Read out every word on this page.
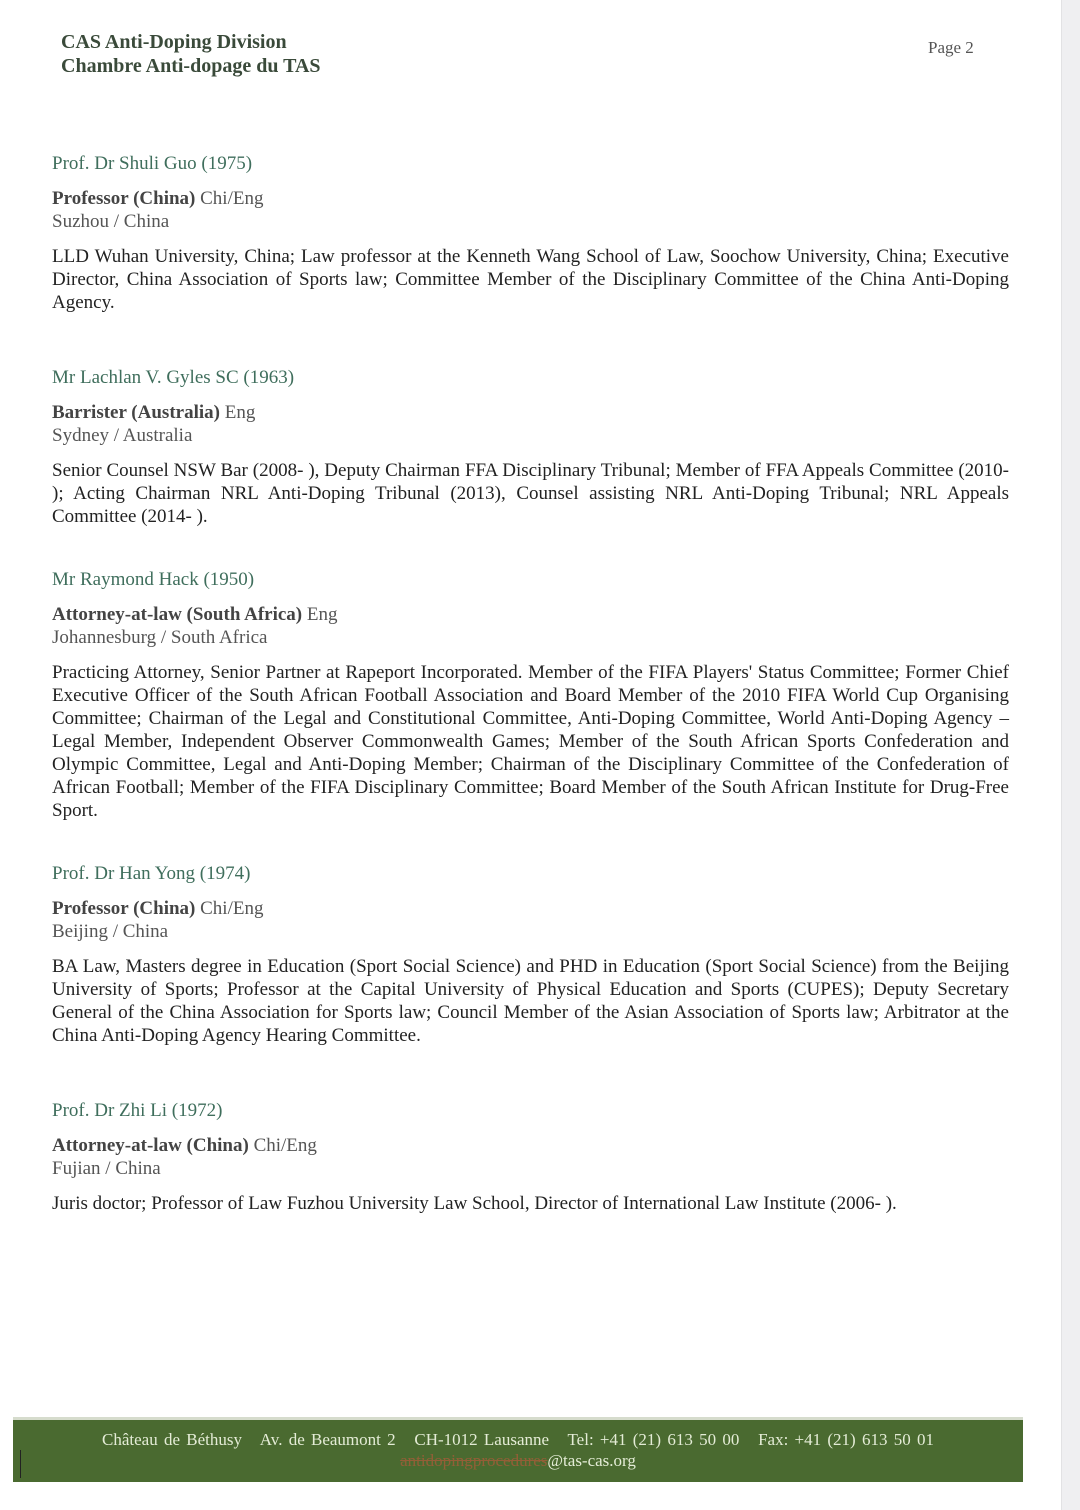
CAS Anti-Doping Division
Chambre Anti-dopage du TAS
Page 2
Prof. Dr Shuli Guo (1975)
Professor (China) Chi/Eng
Suzhou / China
LLD Wuhan University, China; Law professor at the Kenneth Wang School of Law, Soochow University, China; Executive Director, China Association of Sports law; Committee Member of the Disciplinary Committee of the China Anti-Doping Agency.
Mr Lachlan V. Gyles SC (1963)
Barrister (Australia) Eng
Sydney / Australia
Senior Counsel NSW Bar (2008- ), Deputy Chairman FFA Disciplinary Tribunal; Member of FFA Appeals Committee (2010- ); Acting Chairman NRL Anti-Doping Tribunal (2013), Counsel assisting NRL Anti-Doping Tribunal; NRL Appeals Committee (2014- ).
Mr Raymond Hack (1950)
Attorney-at-law (South Africa) Eng
Johannesburg / South Africa
Practicing Attorney, Senior Partner at Rapeport Incorporated. Member of the FIFA Players' Status Committee; Former Chief Executive Officer of the South African Football Association and Board Member of the 2010 FIFA World Cup Organising Committee; Chairman of the Legal and Constitutional Committee, Anti-Doping Committee, World Anti-Doping Agency – Legal Member, Independent Observer Commonwealth Games; Member of the South African Sports Confederation and Olympic Committee, Legal and Anti-Doping Member; Chairman of the Disciplinary Committee of the Confederation of African Football; Member of the FIFA Disciplinary Committee; Board Member of the South African Institute for Drug-Free Sport.
Prof. Dr Han Yong (1974)
Professor (China) Chi/Eng
Beijing / China
BA Law, Masters degree in Education (Sport Social Science) and PHD in Education (Sport Social Science) from the Beijing University of Sports; Professor at the Capital University of Physical Education and Sports (CUPES); Deputy Secretary General of the China Association for Sports law; Council Member of the Asian Association of Sports law; Arbitrator at the China Anti-Doping Agency Hearing Committee.
Prof. Dr Zhi Li (1972)
Attorney-at-law (China) Chi/Eng
Fujian / China
Juris doctor; Professor of Law Fuzhou University Law School, Director of International Law Institute (2006- ).
Château de Béthusy   Av. de Beaumont 2   CH-1012 Lausanne   Tel: +41 (21) 613 50 00   Fax: +41 (21) 613 50 01
antidopingprocedures@tas-cas.org
